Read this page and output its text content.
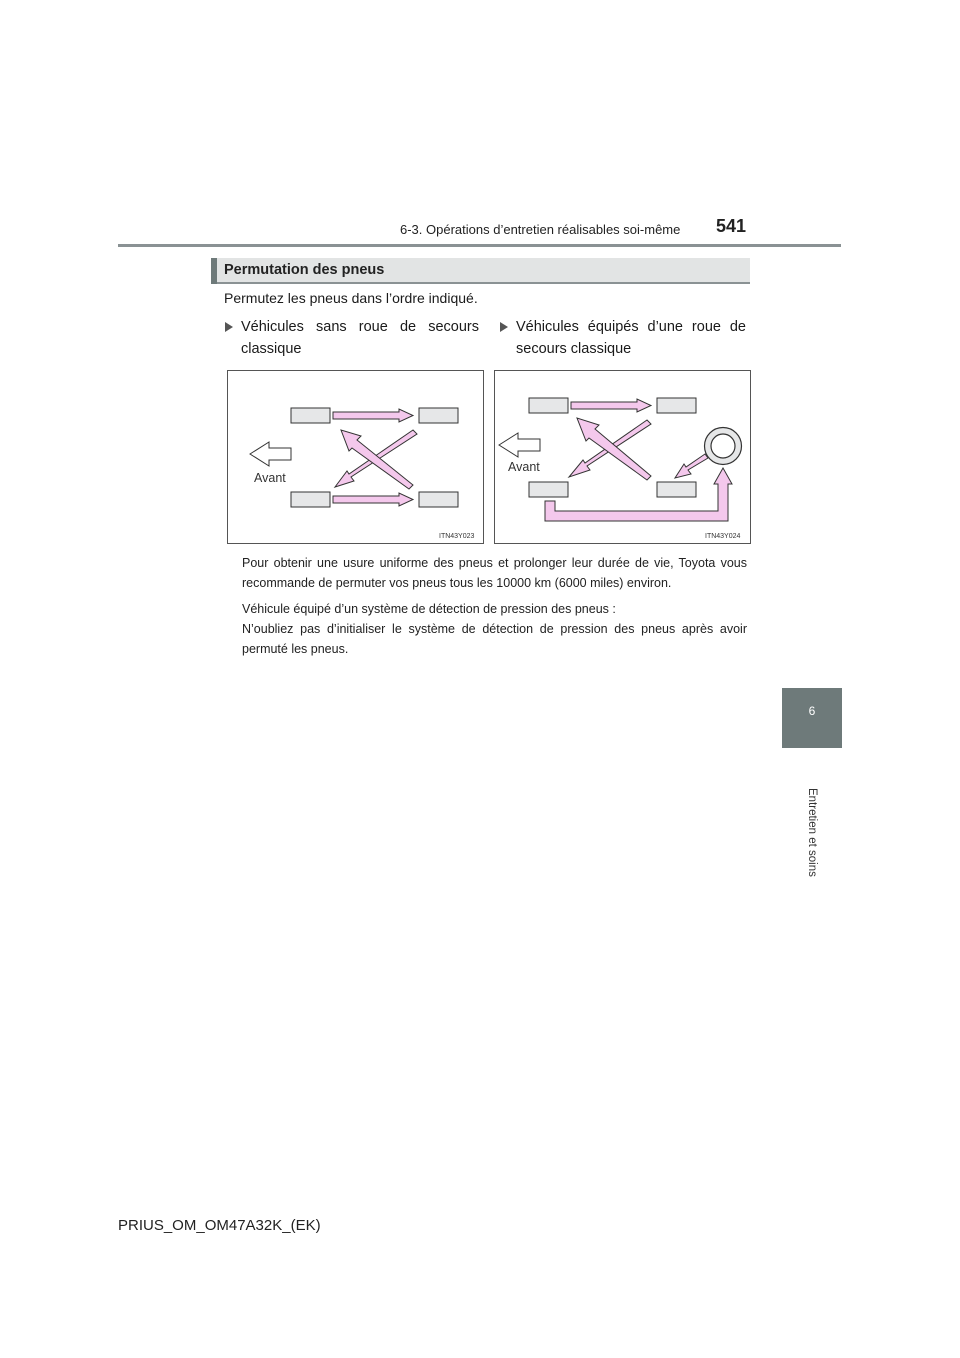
6-3. Opérations d’entretien réalisables soi-même 541
6
Entretien et soins
Permutation des pneus
Permutez les pneus dans l’ordre indiqué.
Véhicules sans roue de secours classique
Véhicules équipés d’une roue de secours classique
Avant
ITN43Y023
Avant
ITN43Y024
Pour obtenir une usure uniforme des pneus et prolonger leur durée de vie, Toyota vous recommande de permuter vos pneus tous les 10000 km (6000 miles) environ.
Véhicule équipé d’un système de détection de pression des pneus :
N’oubliez pas d’initialiser le système de détection de pression des pneus après avoir permuté les pneus.
PRIUS_OM_OM47A32K_(EK)
